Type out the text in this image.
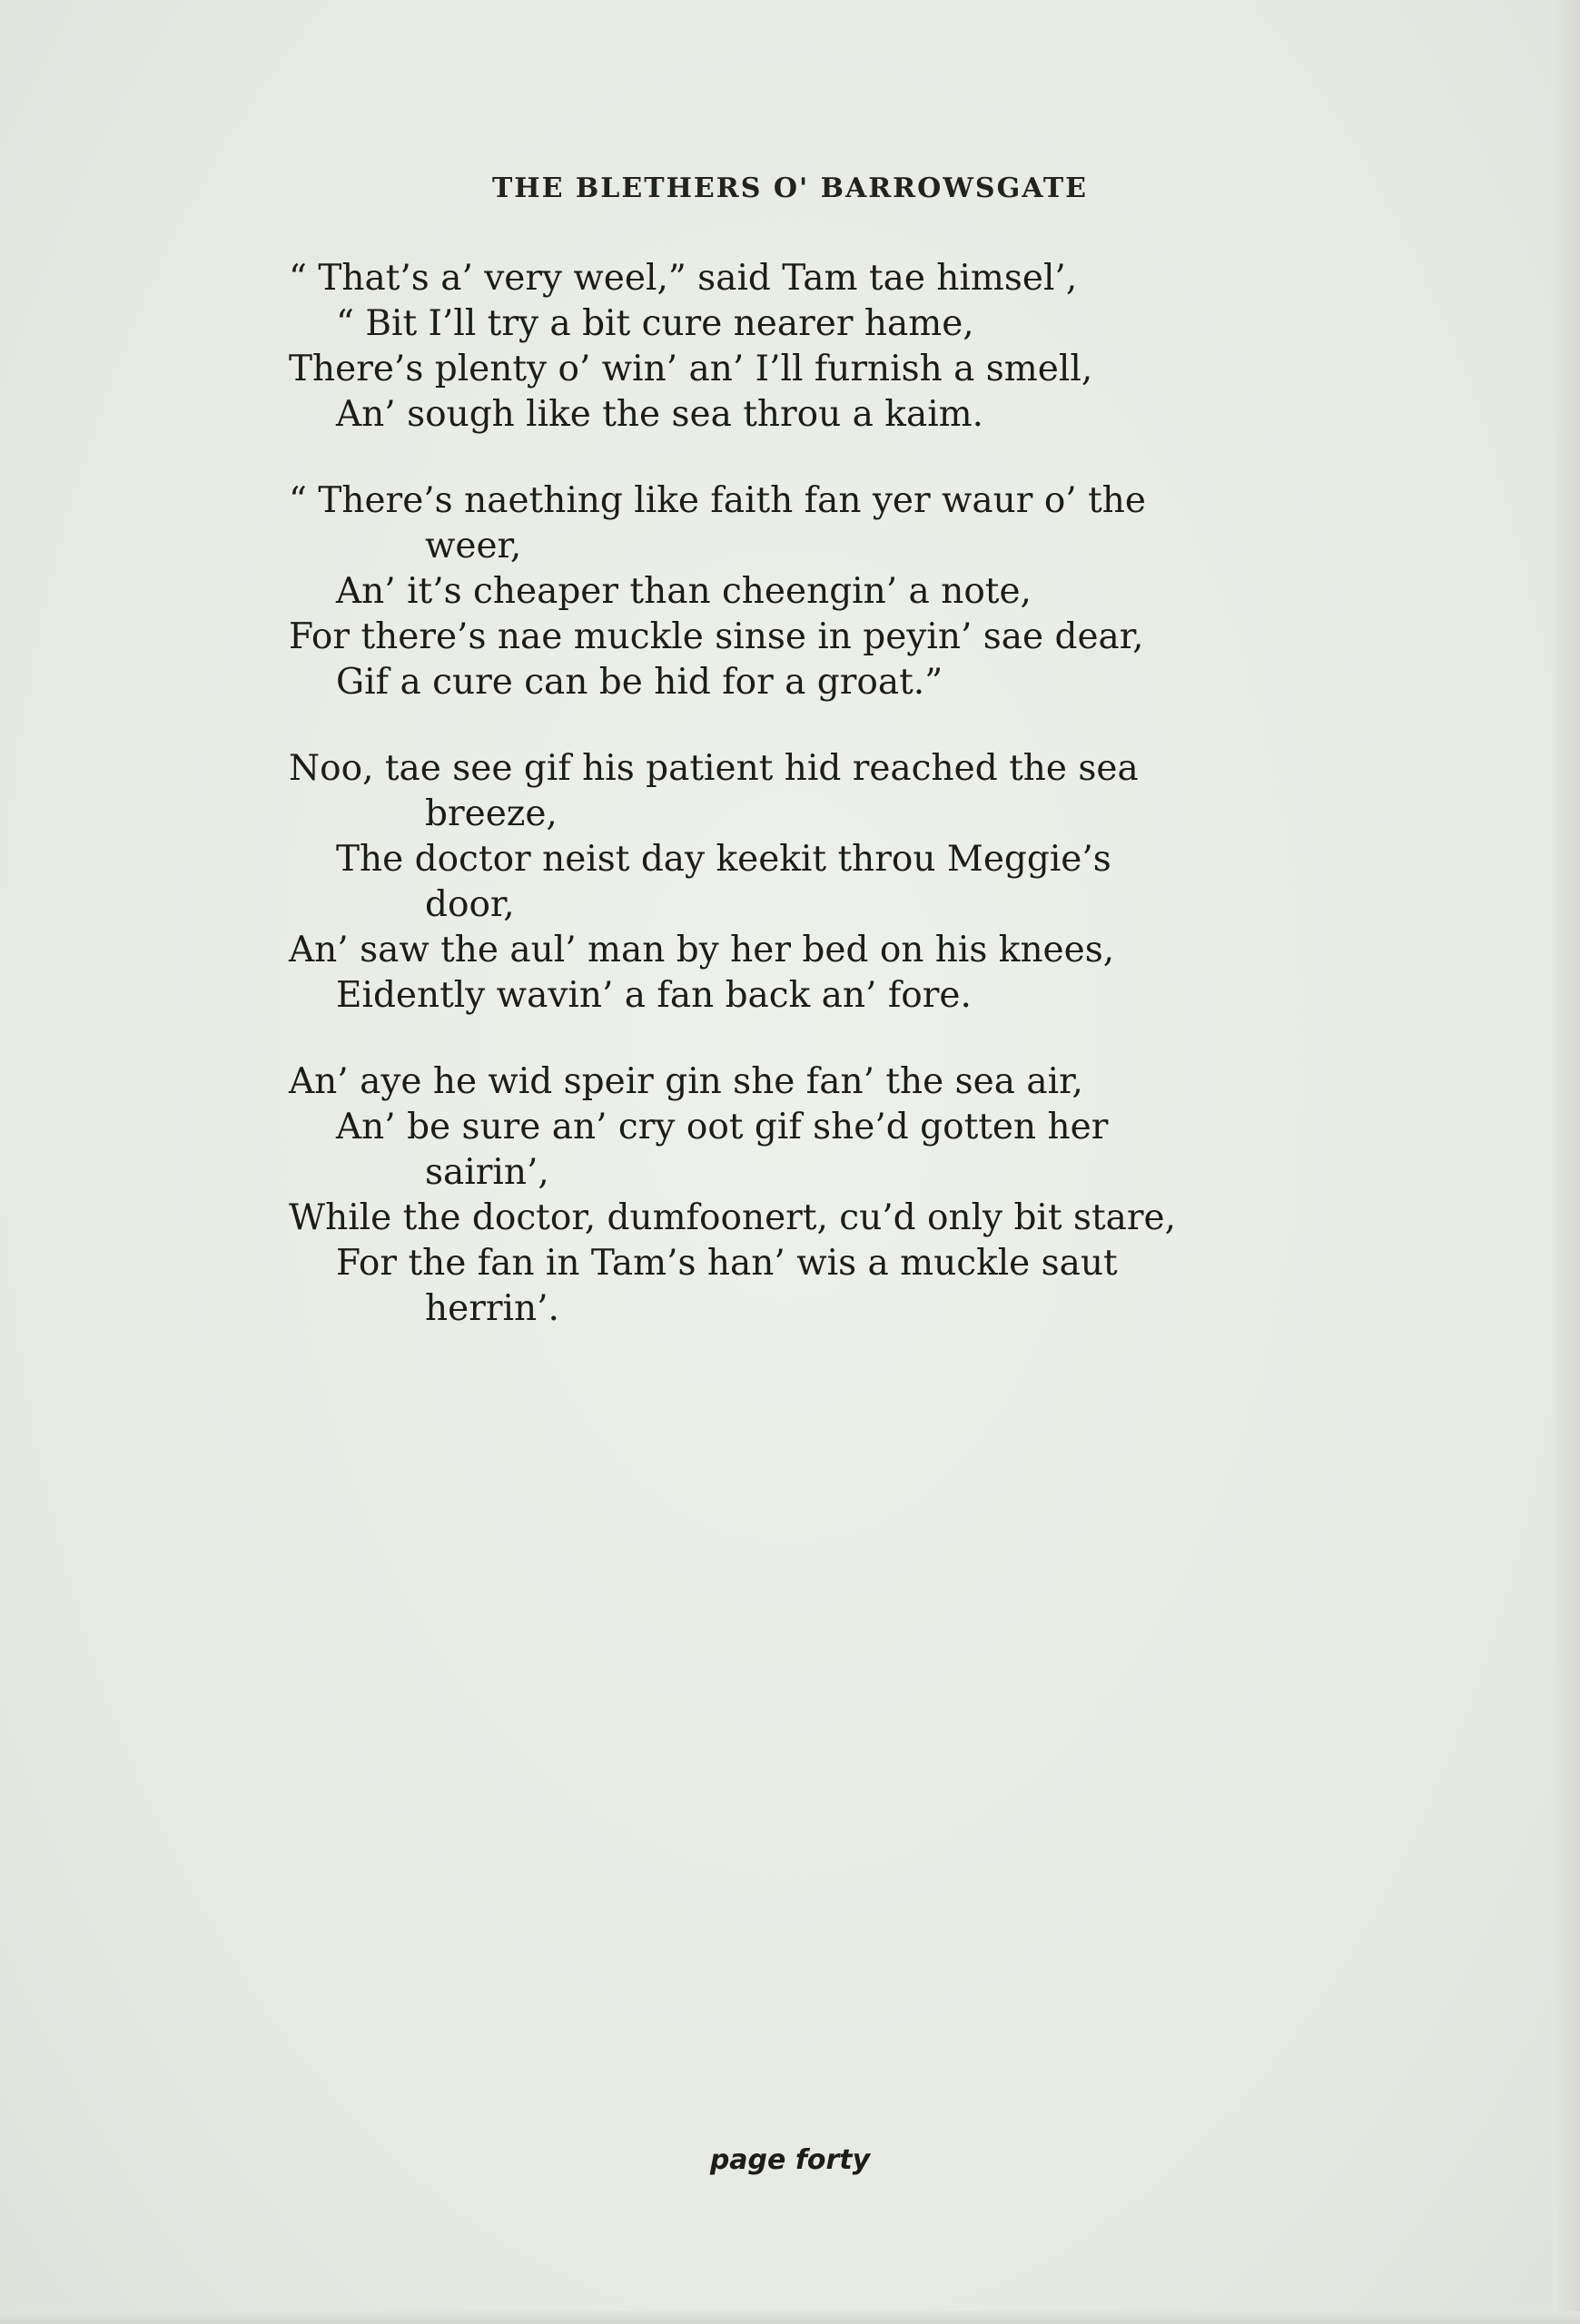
THE BLETHERS O' BARROWSGATE
“ That’s a’ very weel,” said Tam tae himsel’,
“ Bit I’ll try a bit cure nearer hame,
There’s plenty o’ win’ an’ I’ll furnish a smell,
An’ sough like the sea throu a kaim.
“ There’s naething like faith fan yer waur o’ the
weer,
An’ it’s cheaper than cheengin’ a note,
For there’s nae muckle sinse in peyin’ sae dear,
Gif a cure can be hid for a groat.”
Noo, tae see gif his patient hid reached the sea
breeze,
The doctor neist day keekit throu Meggie’s
door,
An’ saw the aul’ man by her bed on his knees,
Eidently wavin’ a fan back an’ fore.
An’ aye he wid speir gin she fan’ the sea air,
An’ be sure an’ cry oot gif she’d gotten her
sairin’,
While the doctor, dumfoonert, cu’d only bit stare,
For the fan in Tam’s han’ wis a muckle saut
herrin’.
page forty
